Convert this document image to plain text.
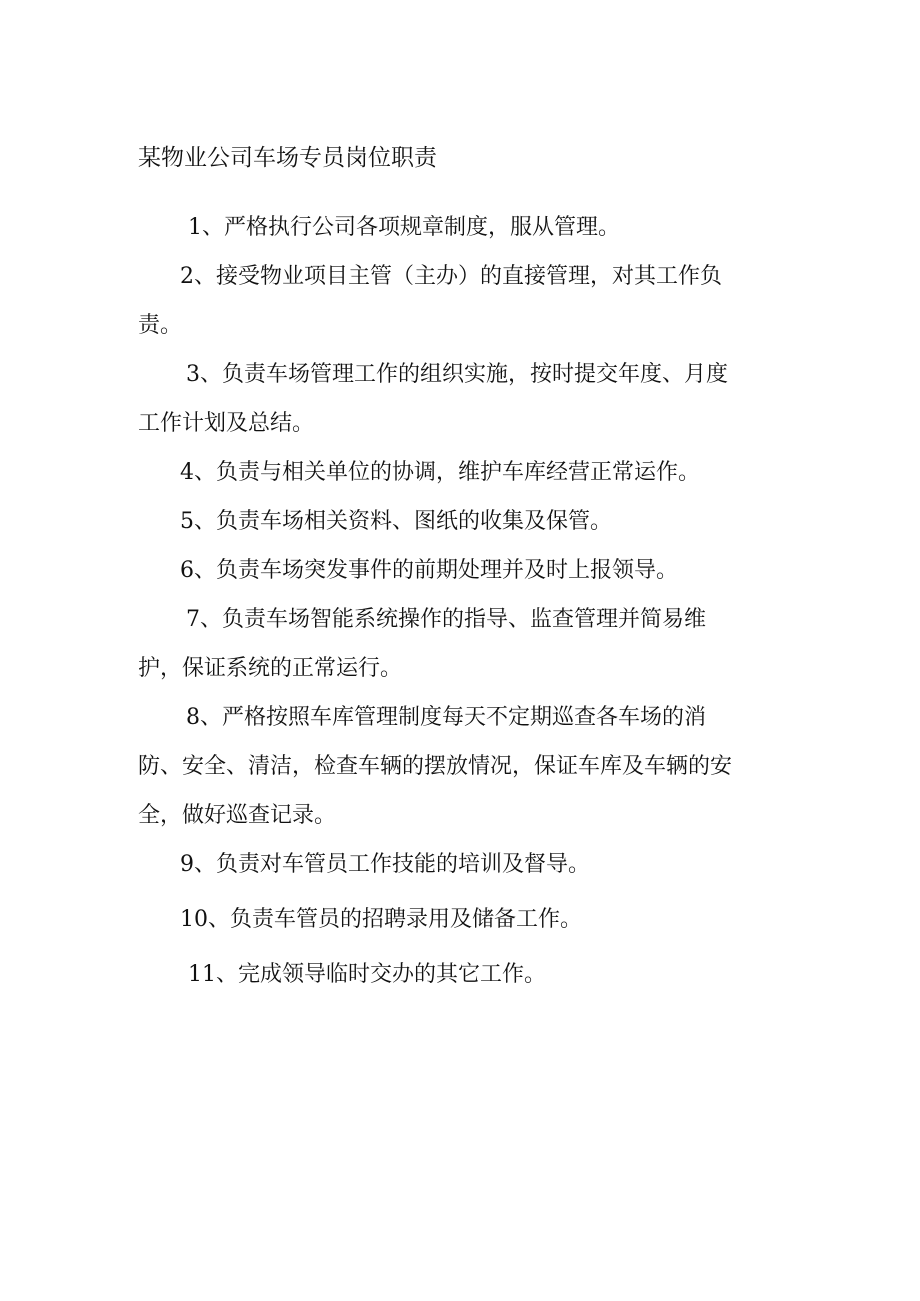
某物业公司车场专员岗位职责
1、严格执行公司各项规章制度，服从管理。
2、接受物业项目主管（主办）的直接管理，对其工作负
责。
3、负责车场管理工作的组织实施，按时提交年度、月度
工作计划及总结。
4、负责与相关单位的协调，维护车库经营正常运作。
5、负责车场相关资料、图纸的收集及保管。
6、负责车场突发事件的前期处理并及时上报领导。
7、负责车场智能系统操作的指导、监查管理并简易维
护，保证系统的正常运行。
8、严格按照车库管理制度每天不定期巡查各车场的消
防、安全、清洁，检查车辆的摆放情况，保证车库及车辆的安
全，做好巡查记录。
9、负责对车管员工作技能的培训及督导。
10、负责车管员的招聘录用及储备工作。
11、完成领导临时交办的其它工作。
